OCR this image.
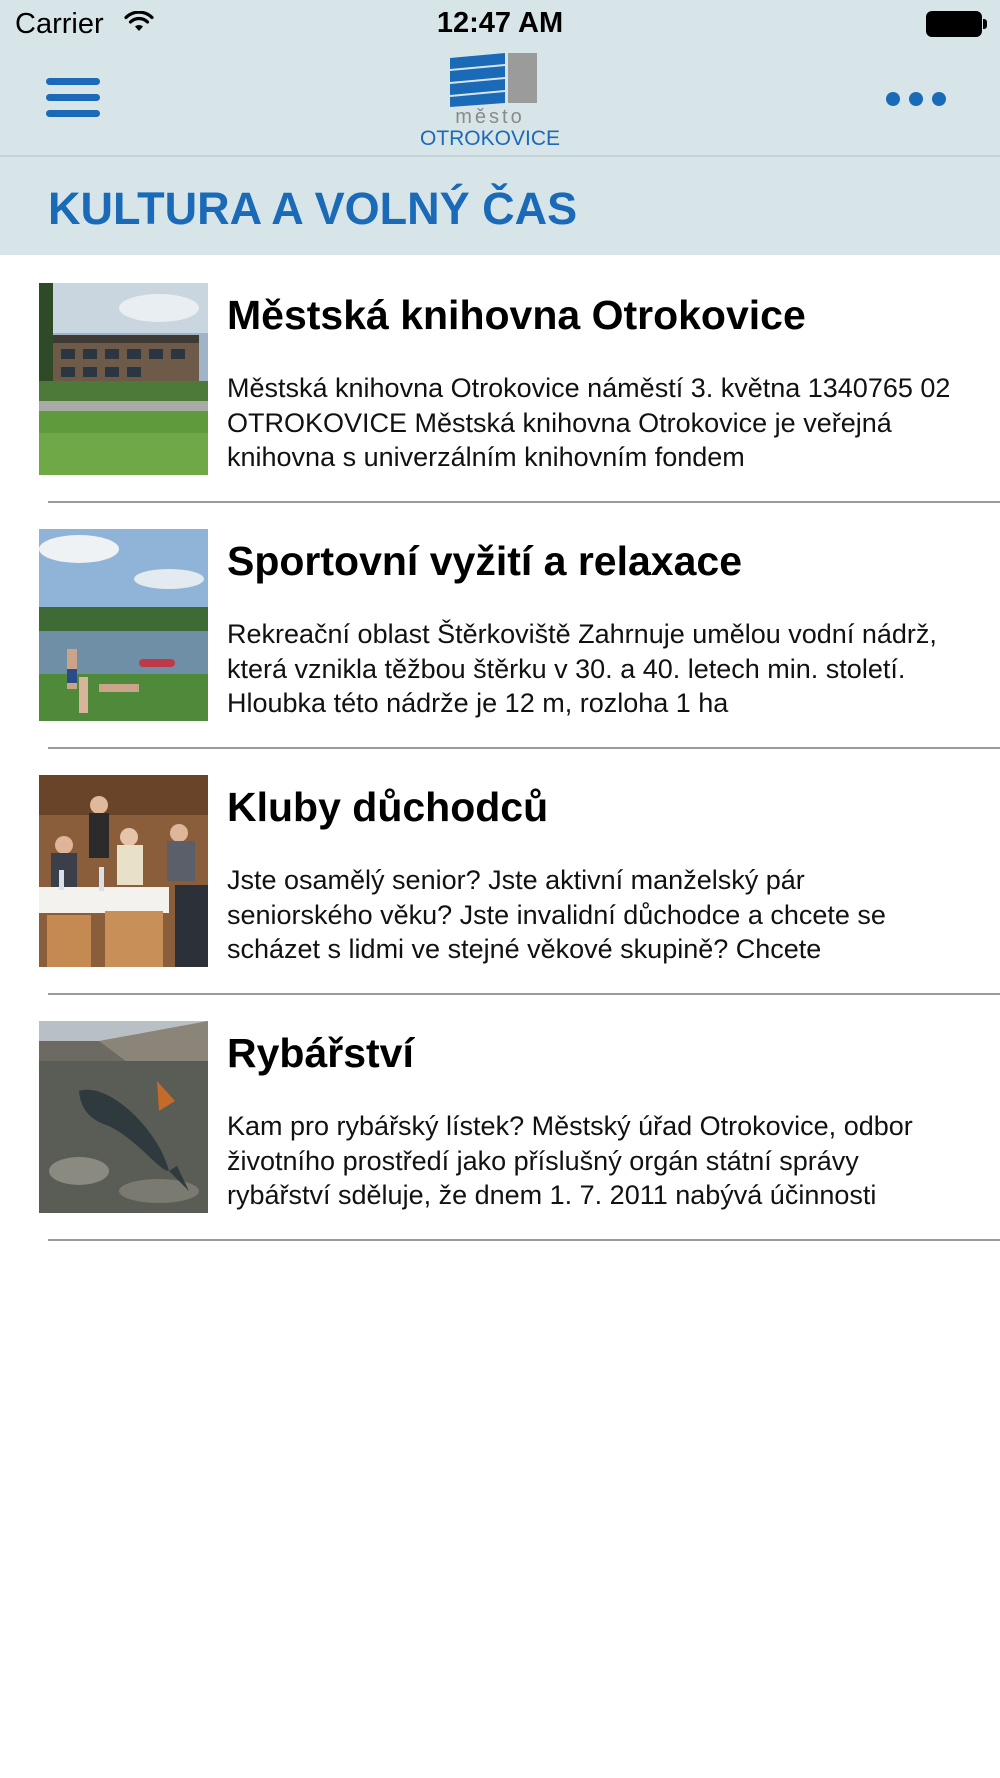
Carrier	12:47 AM
město
OTROKOVICE
KULTURA A VOLNÝ ČAS
Městská knihovna Otrokovice
Městská knihovna Otrokovice náměstí 3. května 1340765 02 OTROKOVICE Městská knihovna Otrokovice je veřejná knihovna s univerzálním knihovním fondem
Sportovní vyžití a relaxace
Rekreační oblast Štěrkoviště Zahrnuje umělou vodní nádrž, která vznikla těžbou štěrku v 30. a 40. letech min. století. Hloubka této nádrže je 12 m, rozloha 1 ha
Kluby důchodců
Jste osamělý senior? Jste aktivní manželský pár seniorského věku? Jste invalidní důchodce a chcete se scházet s lidmi ve stejné věkové skupině? Chcete
Rybářství
Kam pro rybářský lístek? Městský úřad Otrokovice, odbor životního prostředí jako příslušný orgán státní správy rybářství sděluje, že dnem 1. 7. 2011 nabývá účinnosti
